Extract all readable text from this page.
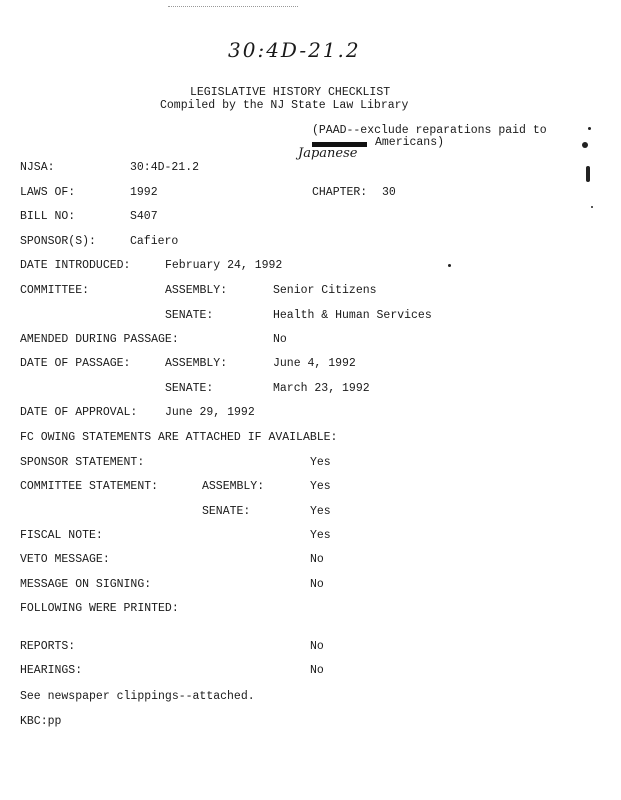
30:4D-21.2
LEGISLATIVE HISTORY CHECKLIST
Compiled by the NJ State Law Library
(PAAD--exclude reparations paid to
Americans)
Japanese
NJSA:	30:4D-21.2
LAWS OF:	1992	CHAPTER: 30
BILL NO:	S407
SPONSOR(S):	Cafiero
DATE INTRODUCED:	February 24, 1992
COMMITTEE:	ASSEMBLY:	Senior Citizens
SENATE:	Health & Human Services
AMENDED DURING PASSAGE:	No
DATE OF PASSAGE:	ASSEMBLY:	June 4, 1992
SENATE:	March 23, 1992
DATE OF APPROVAL: June 29, 1992
FC OWING STATEMENTS ARE ATTACHED IF AVAILABLE:
SPONSOR STATEMENT:	Yes
COMMITTEE STATEMENT:	ASSEMBLY:	Yes
SENATE:	Yes
FISCAL NOTE:	Yes
VETO MESSAGE:	No
MESSAGE ON SIGNING:	No
FOLLOWING WERE PRINTED:
REPORTS:	No
HEARINGS:	No
See newspaper clippings--attached.
KBC:pp
